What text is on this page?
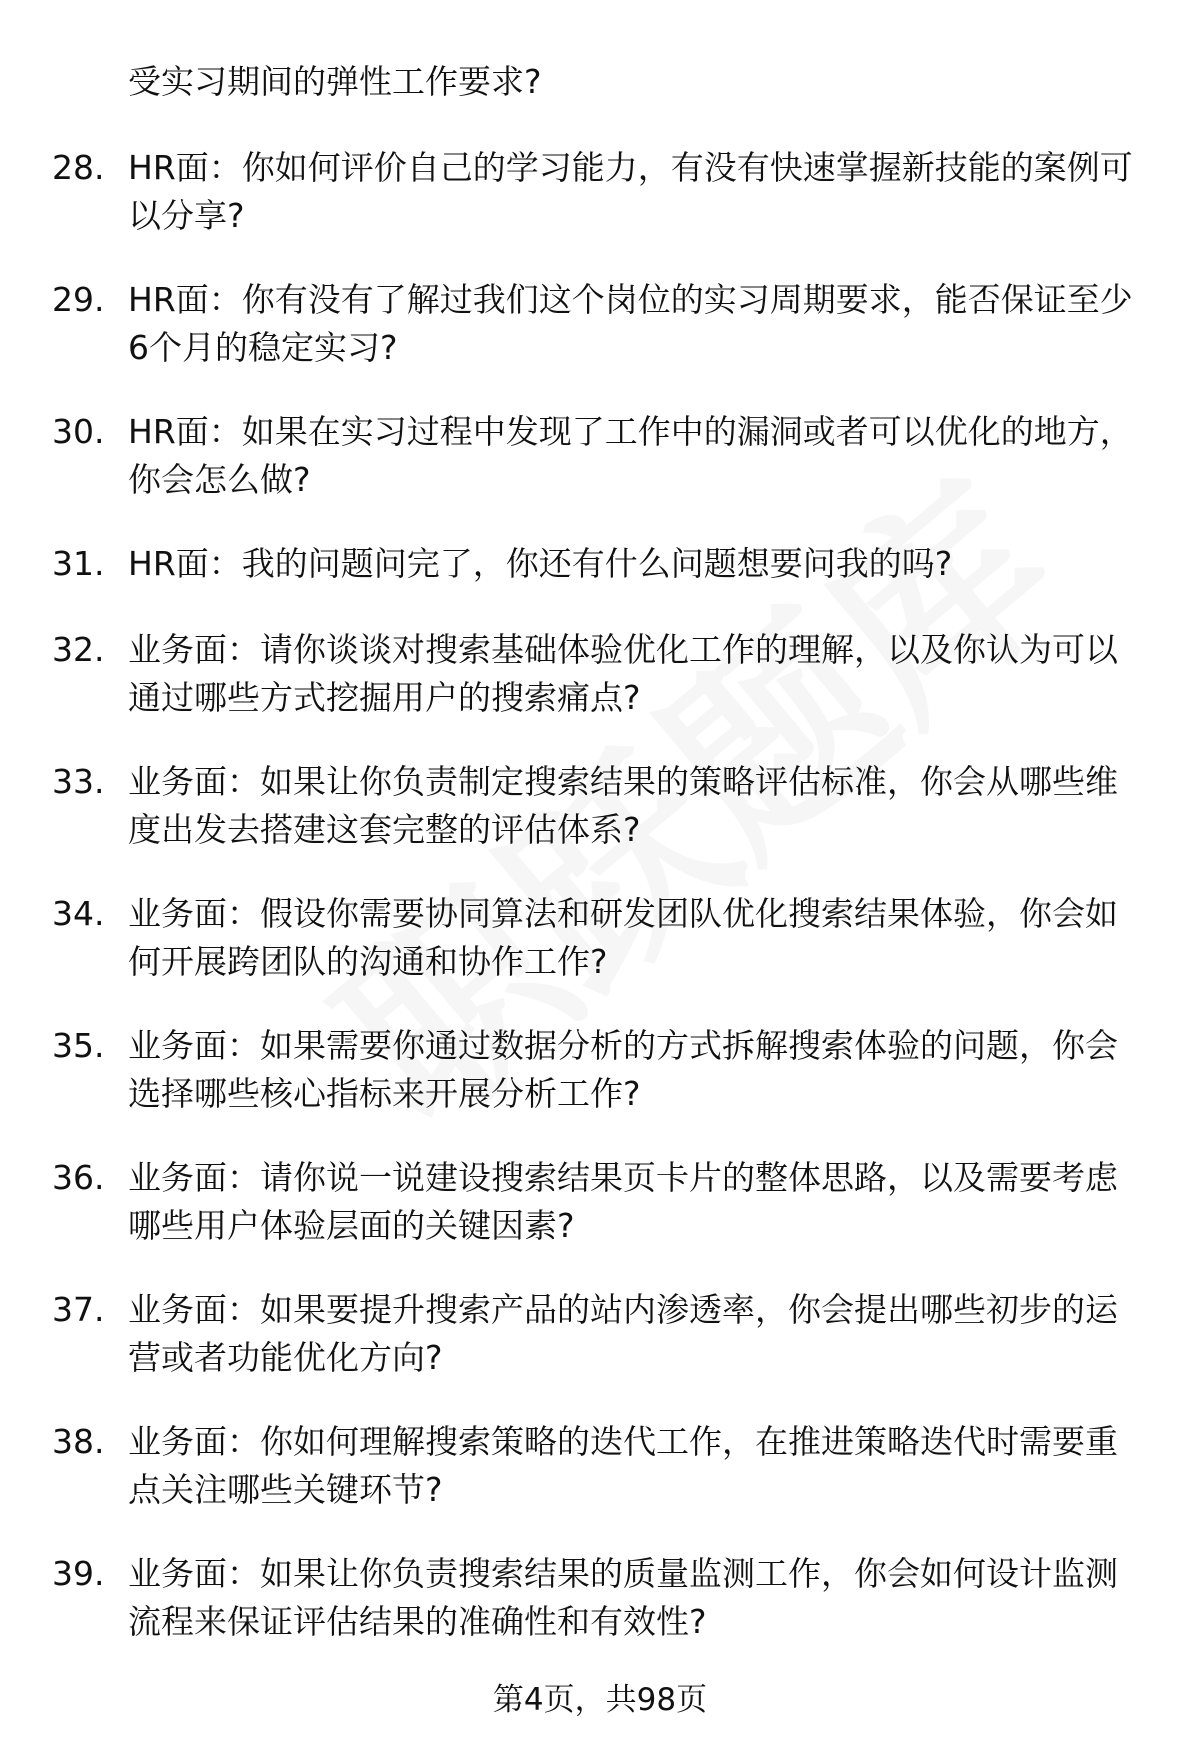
受实习期间的弹性工作要求?
28. HR面：你如何评价自己的学习能力，有没有快速掌握新技能的案例可以分享?
29. HR面：你有没有了解过我们这个岗位的实习周期要求，能否保证至少6个月的稳定实习?
30. HR面：如果在实习过程中发现了工作中的漏洞或者可以优化的地方，你会怎么做?
31. HR面：我的问题问完了，你还有什么问题想要问我的吗?
32. 业务面：请你谈谈对搜索基础体验优化工作的理解，以及你认为可以通过哪些方式挖掘用户的搜索痛点?
33. 业务面：如果让你负责制定搜索结果的策略评估标准，你会从哪些维度出发去搭建这套完整的评估体系?
34. 业务面：假设你需要协同算法和研发团队优化搜索结果体验，你会如何开展跨团队的沟通和协作工作?
35. 业务面：如果需要你通过数据分析的方式拆解搜索体验的问题，你会选择哪些核心指标来开展分析工作?
36. 业务面：请你说一说建设搜索结果页卡片的整体思路，以及需要考虑哪些用户体验层面的关键因素?
37. 业务面：如果要提升搜索产品的站内渗透率，你会提出哪些初步的运营或者功能优化方向?
38. 业务面：你如何理解搜索策略的迭代工作，在推进策略迭代时需要重点关注哪些关键环节?
39. 业务面：如果让你负责搜索结果的质量监测工作，你会如何设计监测流程来保证评估结果的准确性和有效性?
第4页，共98页
